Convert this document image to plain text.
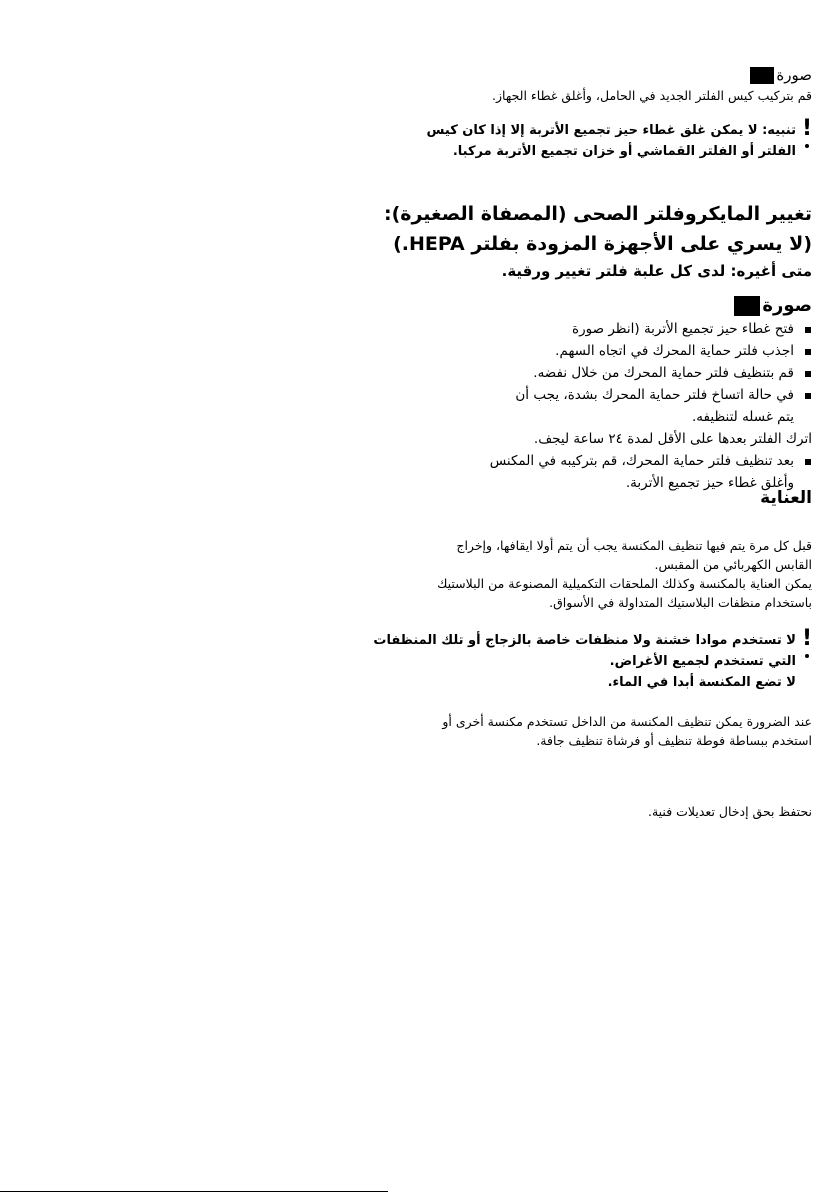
صورة
قم بتركيب كيس الفلتر الجديد في الحامل، وأغلق غطاء الجهاز.
!
تنبيه: لا يمكن غلق غطاء حيز تجميع الأتربة إلا إذا كان كيس
الفلتر أو الفلتر القماشي أو خزان تجميع الأتربة مركبا.
تغيير المايكروفلتر الصحى (المصفاة الصغيرة):
(لا يسري على الأجهزة المزودة بفلتر HEPA.)
متى أغيره: لدى كل علبة فلتر تغيير ورقية.
صورة
فتح غطاء حيز تجميع الأتربة (انظر صورة
اجذب فلتر حماية المحرك في اتجاه السهم.
قم بتنظيف فلتر حماية المحرك من خلال نفضه.
في حالة اتساخ فلتر حماية المحرك بشدة، يجب أن
يتم غسله لتنظيفه.
اترك الفلتر بعدها على الأقل لمدة ٢٤ ساعة ليجف.
بعد تنظيف فلتر حماية المحرك، قم بتركيبه في المكنس
وأغلق غطاء حيز تجميع الأتربة.
العناية
قبل كل مرة يتم فيها تنظيف المكنسة يجب أن يتم أولا ايقافها، وإخراج
القابس الكهربائي من المقبس.
يمكن العناية بالمكنسة وكذلك الملحقات التكميلية المصنوعة من البلاستيك
باستخدام منظفات البلاستيك المتداولة في الأسواق.
!
لا تستخدم موادا خشنة ولا منظفات خاصة بالزجاج أو تلك المنظفات
التي تستخدم لجميع الأغراض.
لا تضع المكنسة أبدا في الماء.
عند الضرورة يمكن تنظيف المكنسة من الداخل تستخدم مكنسة أخرى أو
استخدم ببساطة فوطة تنظيف أو فرشاة تنظيف جافة.
نحتفظ بحق إدخال تعديلات فنية.
